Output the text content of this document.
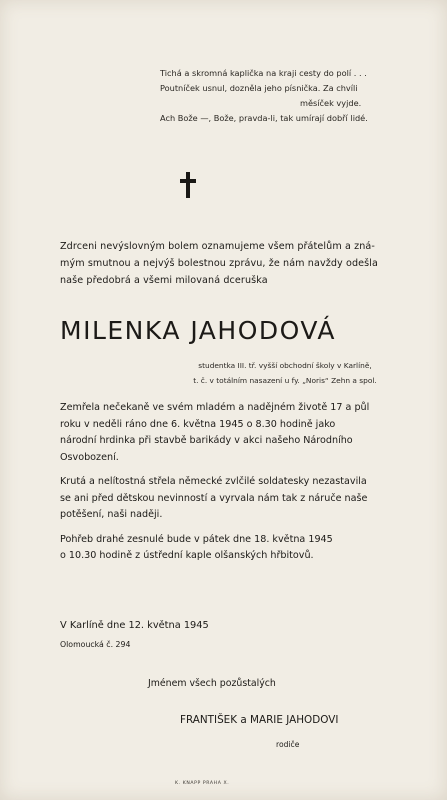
Tichá a skromná kaplička na kraji cesty do polí . . .
Poutníček usnul, dozněla jeho písnička. Za chvíli
měsíček vyjde.
Ach Bože —, Bože, pravda-li, tak umírají dobří lidé.
Zdrceni nevýslovným bolem oznamujeme všem přátelům a zná-
mým smutnou a nejvýš bolestnou zprávu, že nám navždy odešla
naše předobrá a všemi milovaná dceruška
MILENKA JAHODOVÁ
studentka III. tř. vyšší obchodní školy v Karlíně,
t. č. v totálním nasazení u fy. „Noris“ Zehn a spol.

Zemřela nečekaně ve svém mladém a nadějném životě 17 a půl
roku v neděli ráno dne 6. května 1945 o 8.30 hodině jako
národní hrdinka při stavbě barikády v akci našeho Národního
Osvobození.

Krutá a nelítostná střela německé zvlčilé soldatesky nezastavila
se ani před dětskou nevinností a vyrvala nám tak z náruče naše
potěšení, naši naději.

Pohřeb drahé zesnulé bude v pátek dne 18. května 1945
o 10.30 hodině z ústřední kaple olšanských hřbitovů.

V Karlíně dne 12. května 1945
Olomoucká č. 294
Jménem všech pozůstalých
FRANTIŠEK a MARIE JAHODOVI
rodiče
K. KNAPP PRAHA X.
